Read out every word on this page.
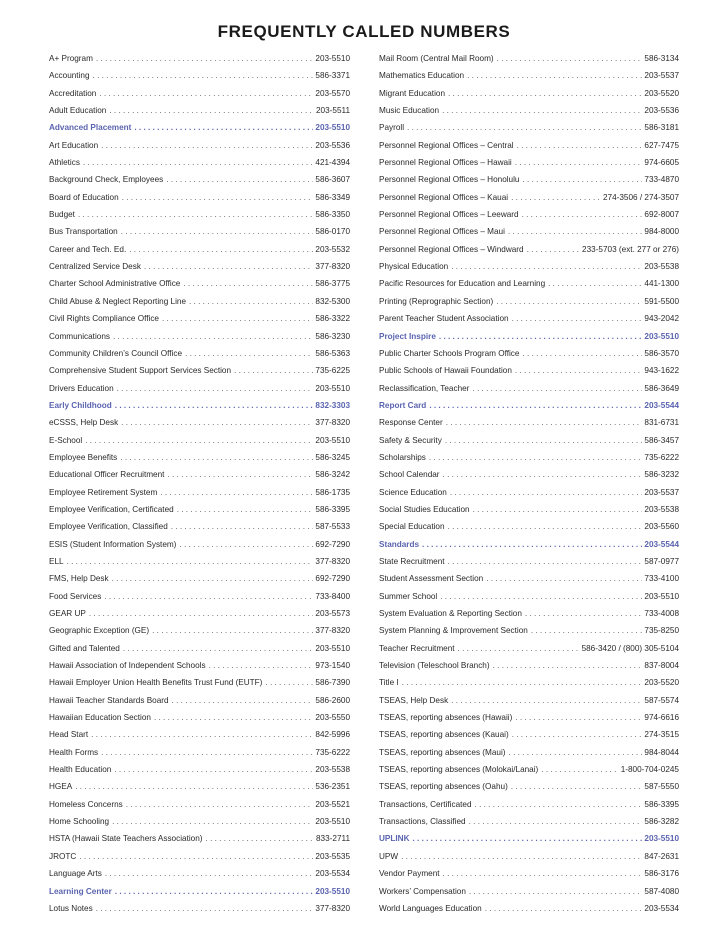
FREQUENTLY CALLED NUMBERS
A+ Program . . .	203-5510
Accounting . . .	586-3371
Accreditation . . .	203-5570
Adult Education . . .	203-5511
Advanced Placement . . .	203-5510
Art Education . . .	203-5536
Athletics . . .	421-4394
Background Check, Employees . . .	586-3607
Board of Education . . .	586-3349
Budget . . .	586-3350
Bus Transportation . . .	586-0170
Career and Tech. Ed. . . .	203-5532
Centralized Service Desk . . .	377-8320
Charter School Administrative Office . . .	586-3775
Child Abuse & Neglect Reporting Line . . .	832-5300
Civil Rights Compliance Office . . .	586-3322
Communications . . .	586-3230
Community Children’s Council Office . . .	586-5363
Comprehensive Student Support Services Section . . .	735-6225
Drivers Education . . .	203-5510
Early Childhood . . .	832-3303
eCSSS, Help Desk . . .	377-8320
E-School . . .	203-5510
Employee Benefits . . .	586-3245
Educational Officer Recruitment . . .	586-3242
Employee Retirement System . . .	586-1735
Employee Verification, Certificated . . .	586-3395
Employee Verification, Classified . . .	587-5533
ESIS (Student Information System) . . .	692-7290
ELL . . .	377-8320
FMS, Help Desk . . .	692-7290
Food Services . . .	733-8400
GEAR UP . . .	203-5573
Geographic Exception (GE) . . .	377-8320
Gifted and Talented . . .	203-5510
Hawaii Association of Independent Schools . . .	973-1540
Hawaii Employer Union Health Benefits Trust Fund (EUTF) . . .	586-7390
Hawaii Teacher Standards Board . . .	586-2600
Hawaiian Education Section . . .	203-5550
Head Start . . .	842-5996
Health Forms . . .	735-6222
Health Education . . .	203-5538
HGEA . . .	536-2351
Homeless Concerns . . .	203-5521
Home Schooling . . .	203-5510
HSTA (Hawaii State Teachers Association) . . .	833-2711
JROTC . . .	203-5535
Language Arts . . .	203-5534
Learning Center . . .	203-5510
Lotus Notes . . .	377-8320
Mail Room (Central Mail Room) . . .	586-3134
Mathematics Education . . .	203-5537
Migrant Education . . .	203-5520
Music Education . . .	203-5536
Payroll . . .	586-3181
Personnel Regional Offices – Central . . .	627-7475
Personnel Regional Offices – Hawaii . . .	974-6605
Personnel Regional Offices – Honolulu . . .	733-4870
Personnel Regional Offices – Kauai . . .	274-3506 / 274-3507
Personnel Regional Offices – Leeward . . .	692-8007
Personnel Regional Offices – Maui . . .	984-8000
Personnel Regional Offices – Windward . . .	233-5703 (ext. 277 or 276)
Physical Education . . .	203-5538
Pacific Resources for Education and Learning . . .	441-1300
Printing (Reprographic Section) . . .	591-5500
Parent Teacher Student Association . . .	943-2042
Project Inspire . . .	203-5510
Public Charter Schools Program Office . . .	586-3570
Public Schools of Hawaii Foundation . . .	943-1622
Reclassification, Teacher . . .	586-3649
Report Card . . .	203-5544
Response Center . . .	831-6731
Safety & Security . . .	586-3457
Scholarships . . .	735-6222
School Calendar . . .	586-3232
Science Education . . .	203-5537
Social Studies Education . . .	203-5538
Special Education . . .	203-5560
Standards . . .	203-5544
State Recruitment . . .	587-0977
Student Assessment Section . . .	733-4100
Summer School . . .	203-5510
System Evaluation & Reporting Section . . .	733-4008
System Planning & Improvement Section . . .	735-8250
Teacher Recruitment . . .	586-3420 / (800) 305-5104
Television (Teleschool Branch) . . .	837-8004
Title I . . .	203-5520
TSEAS, Help Desk . . .	587-5574
TSEAS, reporting absences (Hawaii) . . .	974-6616
TSEAS, reporting absences (Kauai) . . .	274-3515
TSEAS, reporting absences (Maui) . . .	984-8044
TSEAS, reporting absences (Molokai/Lanai) . . .	1-800-704-0245
TSEAS, reporting absences (Oahu) . . .	587-5550
Transactions, Certificated . . .	586-3395
Transactions, Classified . . .	586-3282
UPLINK . . .	203-5510
UPW . . .	847-2631
Vendor Payment . . .	586-3176
Workers’ Compensation . . .	587-4080
World Languages Education . . .	203-5534
